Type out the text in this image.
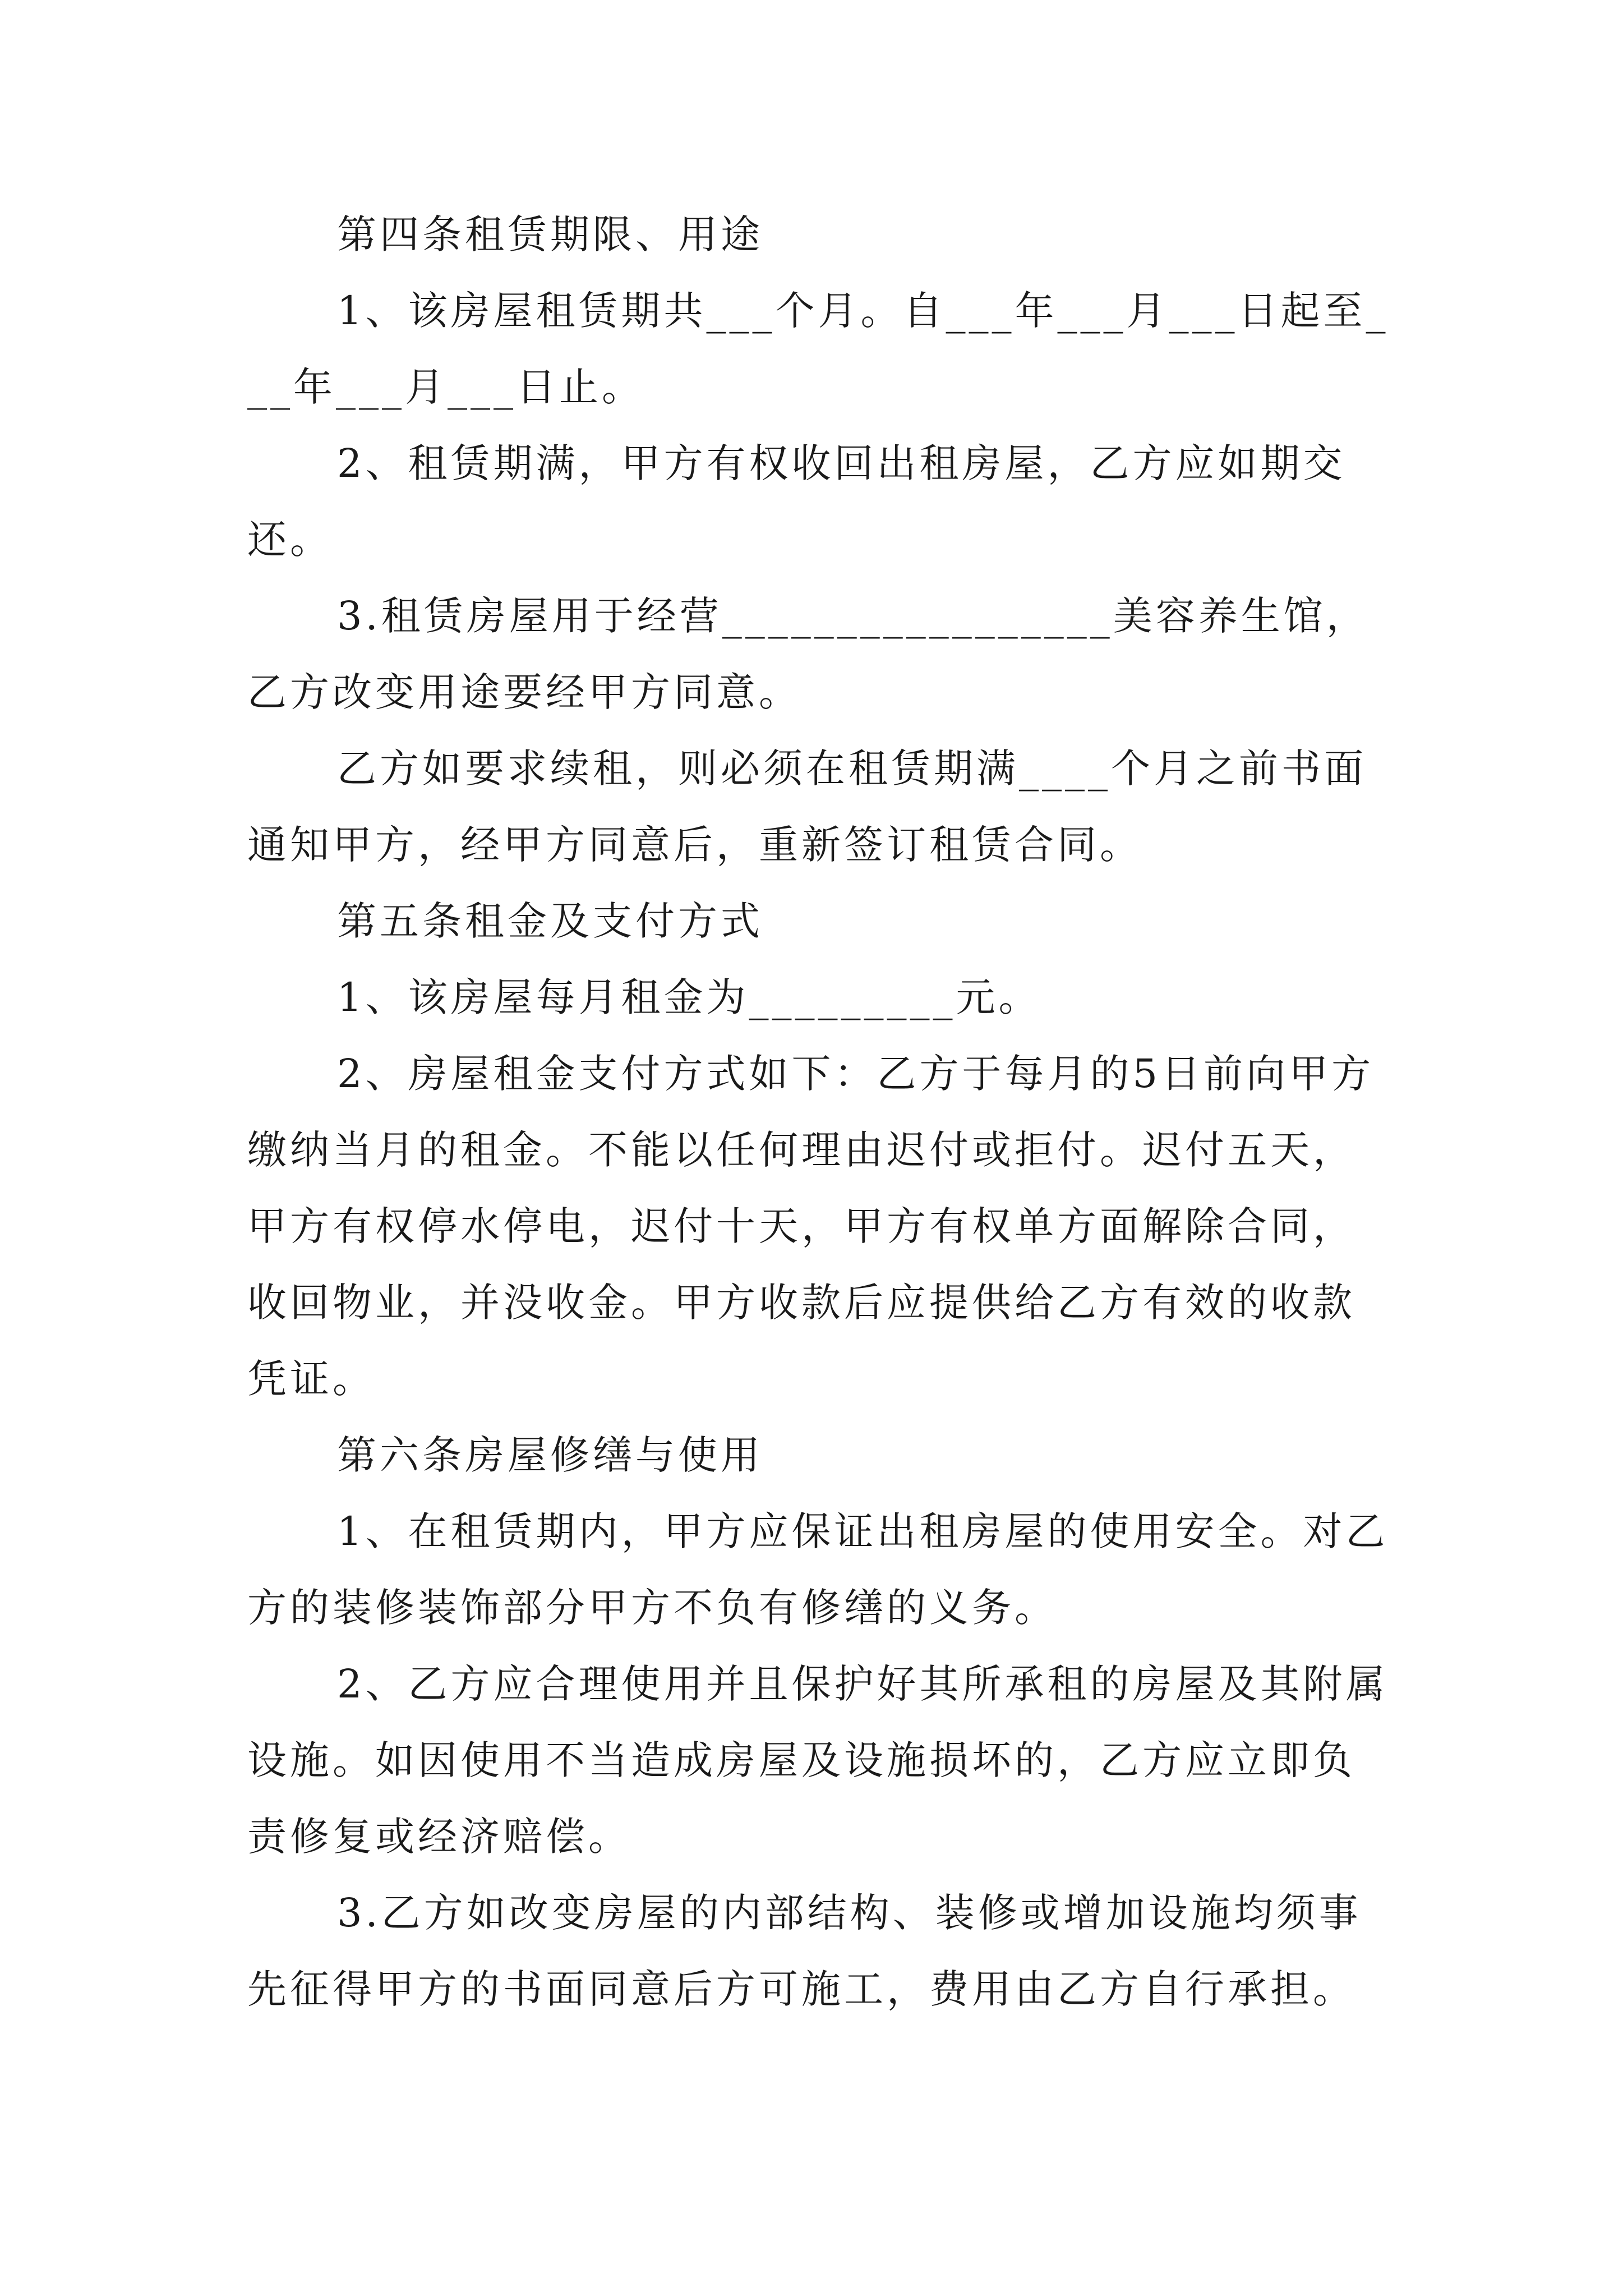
第四条租赁期限、用途

1、该房屋租赁期共___个月。自___年___月___日起至___年___月___日止。

2、租赁期满，甲方有权收回出租房屋，乙方应如期交还。

3.租赁房屋用于经营_________________美容养生馆，乙方改变用途要经甲方同意。

乙方如要求续租，则必须在租赁期满____个月之前书面通知甲方，经甲方同意后，重新签订租赁合同。

第五条租金及支付方式

1、该房屋每月租金为_________元。

2、房屋租金支付方式如下：乙方于每月的5日前向甲方缴纳当月的租金。不能以任何理由迟付或拒付。迟付五天，甲方有权停水停电，迟付十天，甲方有权单方面解除合同，收回物业，并没收金。甲方收款后应提供给乙方有效的收款凭证。

第六条房屋修缮与使用

1、在租赁期内，甲方应保证出租房屋的使用安全。对乙方的装修装饰部分甲方不负有修缮的义务。

2、乙方应合理使用并且保护好其所承租的房屋及其附属设施。如因使用不当造成房屋及设施损坏的，乙方应立即负责修复或经济赔偿。

3.乙方如改变房屋的内部结构、装修或增加设施均须事先征得甲方的书面同意后方可施工，费用由乙方自行承担。
